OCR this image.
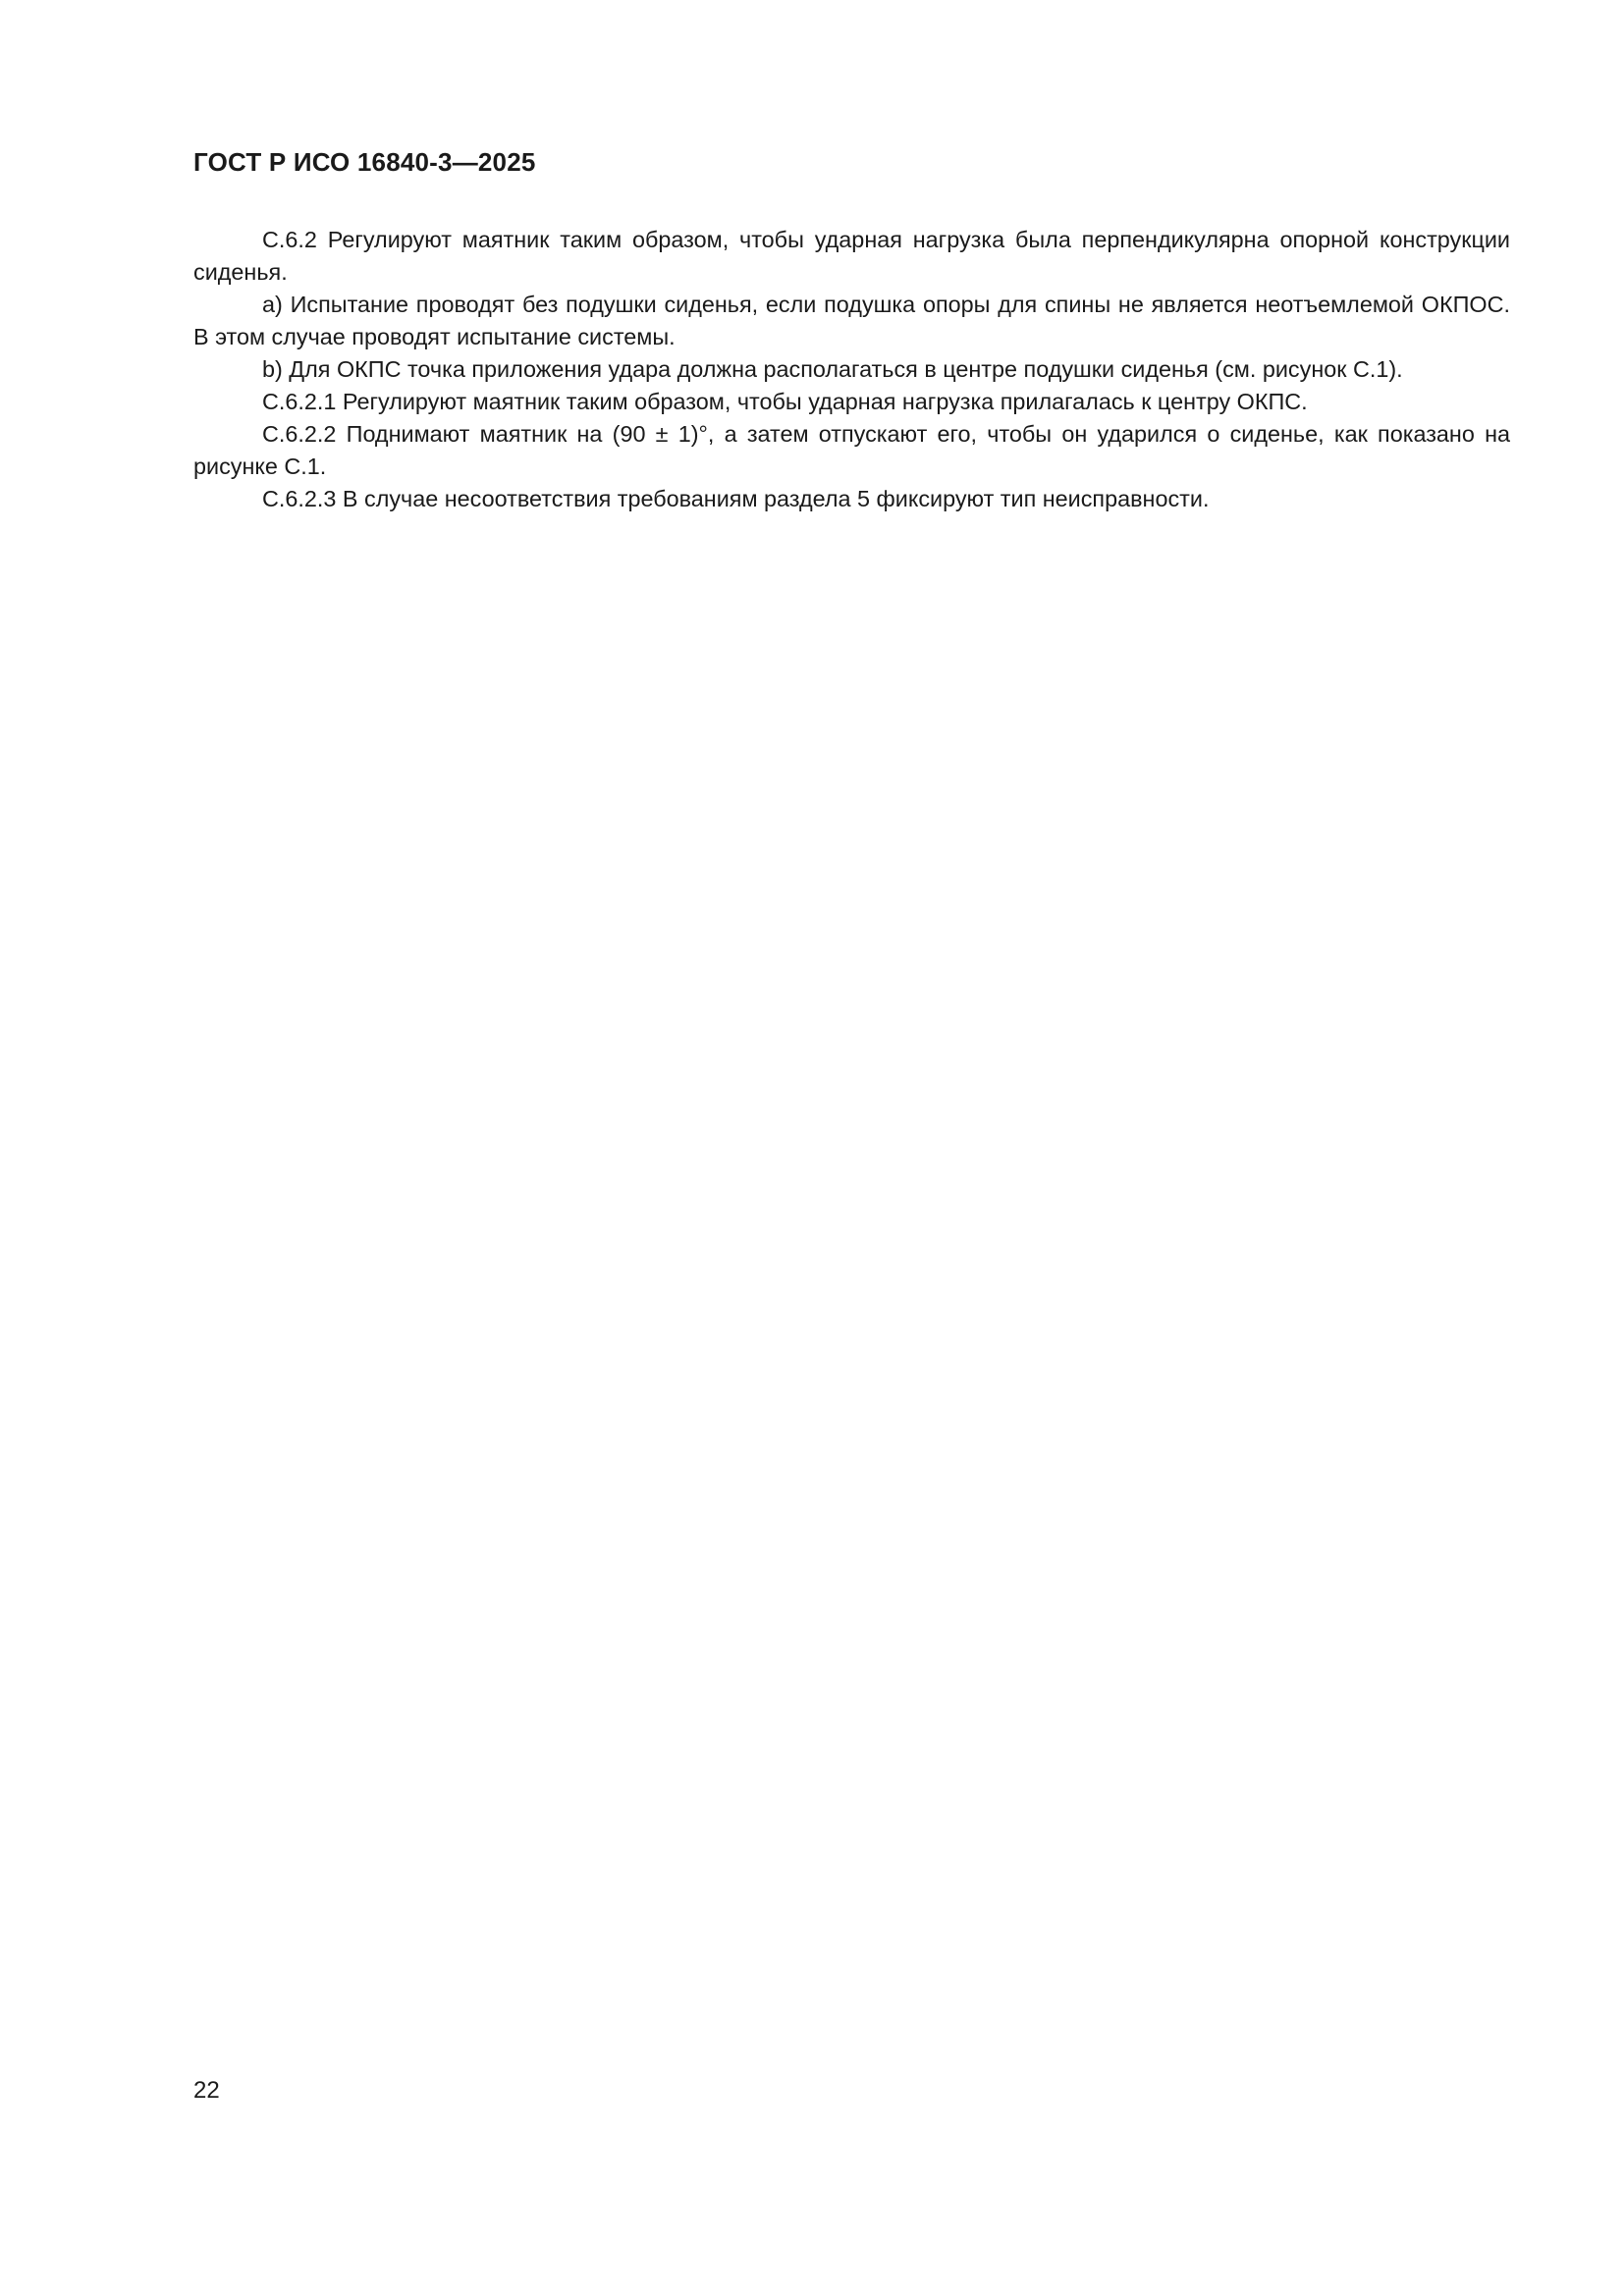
ГОСТ Р ИСО 16840-3—2025

С.6.2 Регулируют маятник таким образом, чтобы ударная нагрузка была перпендикулярна опорной конструкции сиденья.

a) Испытание проводят без подушки сиденья, если подушка опоры для спины не является неотъемлемой ОКПОС. В этом случае проводят испытание системы.

b) Для ОКПС точка приложения удара должна располагаться в центре подушки сиденья (см. рисунок С.1).

С.6.2.1 Регулируют маятник таким образом, чтобы ударная нагрузка прилагалась к центру ОКПС.

С.6.2.2 Поднимают маятник на (90 ± 1)°, а затем отпускают его, чтобы он ударился о сиденье, как показано на рисунке С.1.

С.6.2.3 В случае несоответствия требованиям раздела 5 фиксируют тип неисправности.

22
